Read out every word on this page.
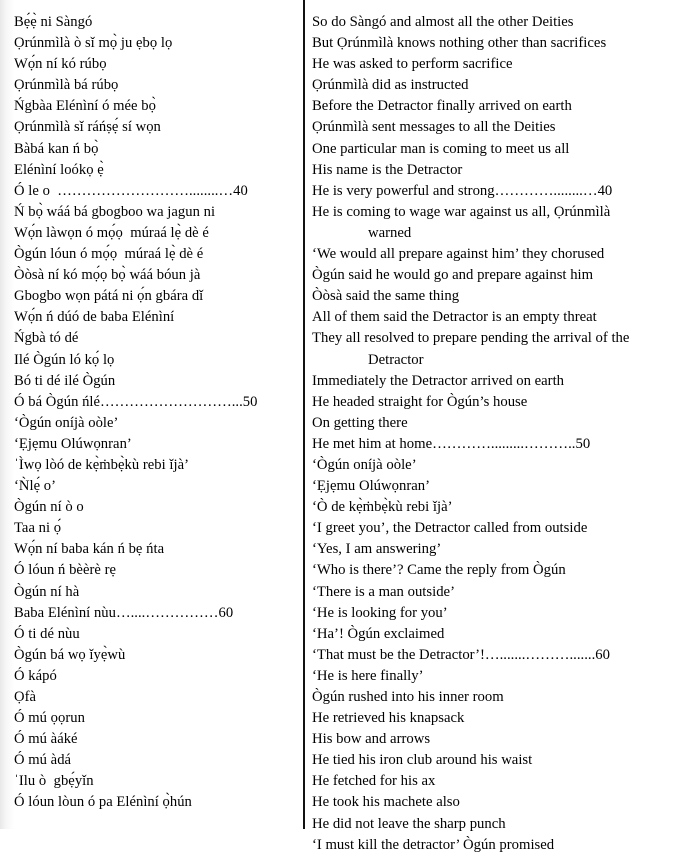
Bẹ́ẹ̀ ni Sàngó
Ọrúnmìlà ò sǐ mọ̀ ju ẹbọ lọ
Wọ́n ní kó rúbọ
Ọrúnmìlà bá rúbọ
Ńgbàa Elénìní ó mée bọ̀
Ọrúnmìlà sǐ ráńṣẹ́ sí wọn
Bàbá kan ń bọ̀
Elénìní loókọ ẹ̀
Ó le o  ………………………........…40
Ń bọ̀ wáá bá gbogboo wa jagun ni
Wọ́n làwọn ó mọ́ọ  múraá lẹ̀ dè é
Ògún lóun ó mọ́ọ  múraá lẹ̀ dè é
Òòsà ní kó mọ́ọ bọ̀ wáá bóun jà
Gbogbo wọn pátá ni ọ́n gbára dǐ
Wọ́n ń dúó de baba Elénìní
Ńgbà tó dé
Ilé Ògún ló kọ́ lọ
Bó ti dé ilé Ògún
Ó bá Ògún ńlé………………………...50
‘Ògún oníjà oòle’
‘Ẹjẹmu Olúwọnran’
ˈÌwọ lòó de kẹ̀ṁbẹ̀kù rebi ǐjà’
‘Ǹlẹ́ o’
Ògún ní ò o
Taa ni ọ́
Wọ́n ní baba kán ń bẹ ńta
Ó lóun ń bèèrè rẹ
Ògún ní hà
Baba Elénìní nùu…....……………60
Ó ti dé nùu
Ògún bá wọ ǐyẹ̀wù
Ó kápó
Ọfà
Ó mú ọọrun
Ó mú àáké
Ó mú àdá
ˈIlu ò  gbẹ́yǐn
Ó lóun lòun ó pa Elénìní ọ̀hún
So do Sàngó and almost all the other Deities
But Ọrúnmìlà knows nothing other than sacrifices
He was asked to perform sacrifice
Ọrúnmìlà did as instructed
Before the Detractor finally arrived on earth
Ọrúnmìlà sent messages to all the Deities
One particular man is coming to meet us all
His name is the Detractor
He is very powerful and strong…………........…40
He is coming to wage war against us all, Ọrúnmìlà
warned
‘We would all prepare against him’ they chorused
Ògún said he would go and prepare against him
Òòsà said the same thing
All of them said the Detractor is an empty threat
They all resolved to prepare pending the arrival of the
Detractor
Immediately the Detractor arrived on earth
He headed straight for Ògún’s house
On getting there
He met him at home………….........………..50
‘Ògún oníjà oòle’
‘Ẹjẹmu Olúwọnran’
‘Ò de kẹ̀ṁbẹ̀kù rebi ǐjà’
‘I greet you’, the Detractor called from outside
‘Yes, I am answering’
‘Who is there’? Came the reply from Ògún
‘There is a man outside’
‘He is looking for you’
‘Ha’! Ògún exclaimed
‘That must be the Detractor’!….......……….......60
‘He is here finally’
Ògún rushed into his inner room
He retrieved his knapsack
His bow and arrows
He tied his iron club around his waist
He fetched for his ax
He took his machete also
He did not leave the sharp punch
‘I must kill the detractor’ Ògún promised
